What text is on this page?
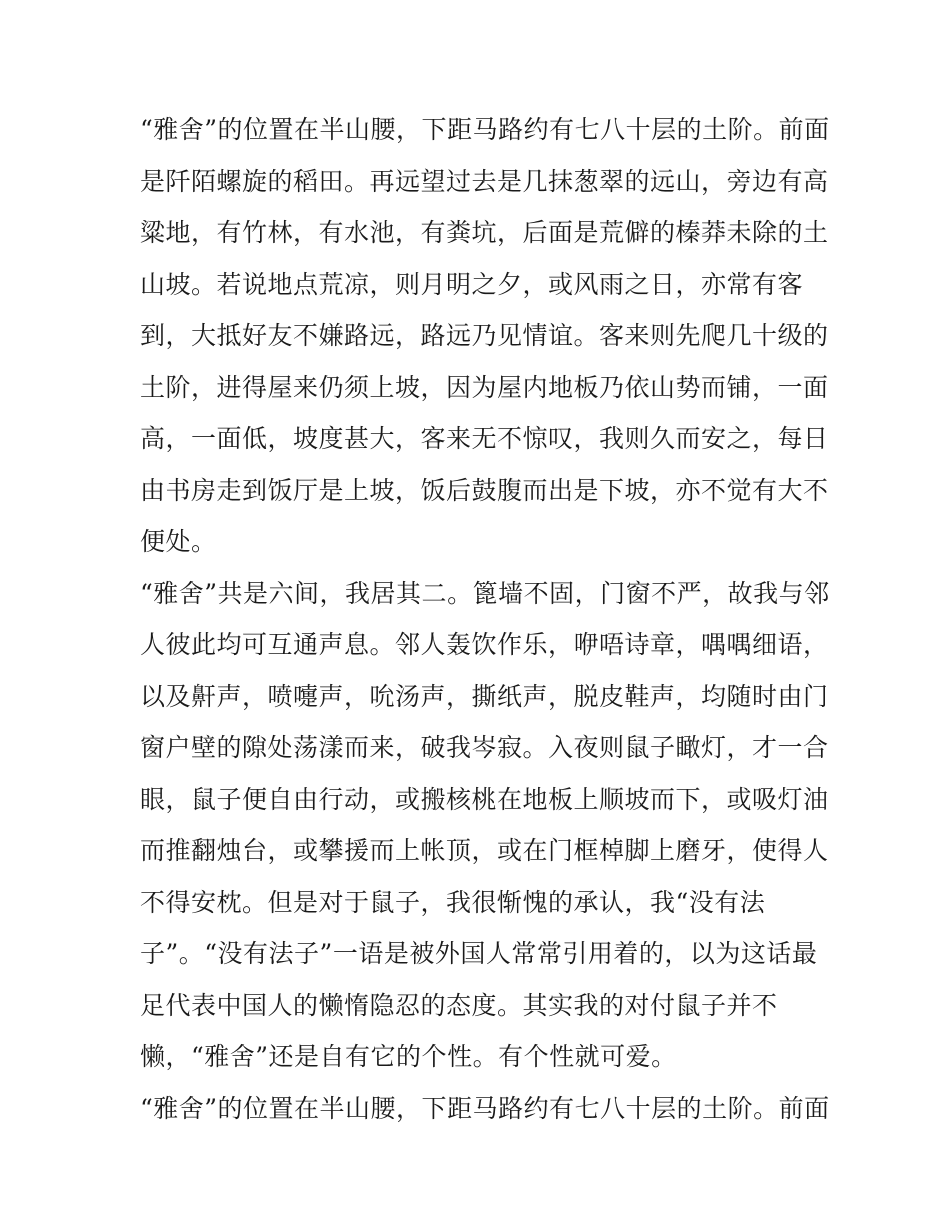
“雅舍”的位置在半山腰，下距马路约有七八十层的土阶。前面
是阡陌螺旋的稻田。再远望过去是几抹葱翠的远山，旁边有高
粱地，有竹林，有水池，有粪坑，后面是荒僻的榛莽未除的土
山坡。若说地点荒凉，则月明之夕，或风雨之日，亦常有客
到，大抵好友不嫌路远，路远乃见情谊。客来则先爬几十级的
土阶，进得屋来仍须上坡，因为屋内地板乃依山势而铺，一面
高，一面低，坡度甚大，客来无不惊叹，我则久而安之，每日
由书房走到饭厅是上坡，饭后鼓腹而出是下坡，亦不觉有大不
便处。
“雅舍”共是六间，我居其二。篦墙不固，门窗不严，故我与邻
人彼此均可互通声息。邻人轰饮作乐，咿唔诗章，喁喁细语，
以及鼾声，喷嚏声，吮汤声，撕纸声，脱皮鞋声，均随时由门
窗户壁的隙处荡漾而来，破我岑寂。入夜则鼠子瞰灯，才一合
眼，鼠子便自由行动，或搬核桃在地板上顺坡而下，或吸灯油
而推翻烛台，或攀援而上帐顶，或在门框棹脚上磨牙，使得人
不得安枕。但是对于鼠子，我很惭愧的承认，我“没有法
子”。“没有法子”一语是被外国人常常引用着的，以为这话最
足代表中国人的懒惰隐忍的态度。其实我的对付鼠子并不
懒，“雅舍”还是自有它的个性。有个性就可爱。
“雅舍”的位置在半山腰，下距马路约有七八十层的土阶。前面
